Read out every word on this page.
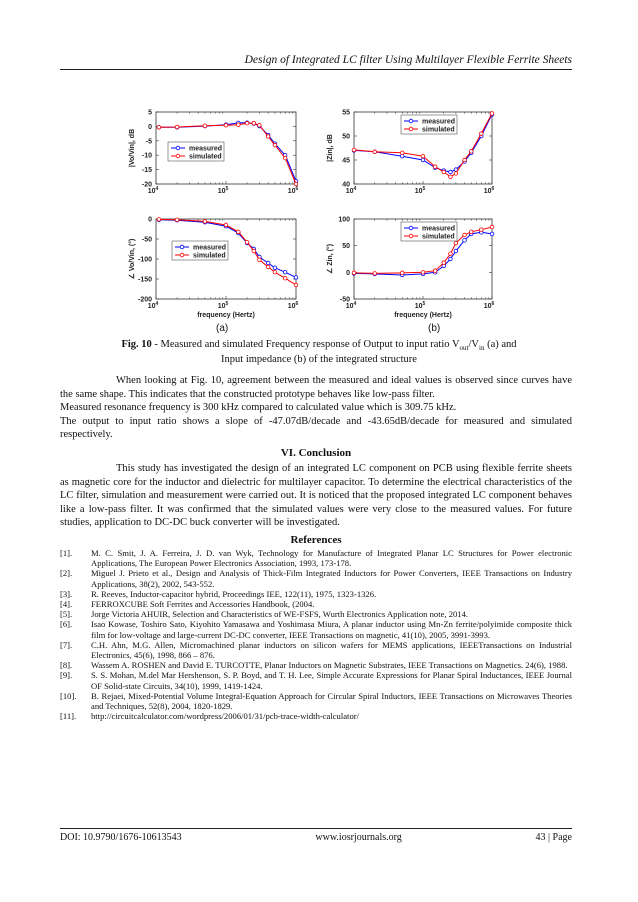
Design of Integrated LC filter Using Multilayer Flexible Ferrite Sheets
5
0
-5
-10
-15
-20
$10^4$	$10^5$	$10^6$
|Vo/Vin|, dB	measured
simulated
55
50
45
40
$10^4$	$10^5$	$10^6$
|Zin|, dB
measured
simulated
0
-50
-100
-150
-200
$10^4$	$10^5$	$10^6$
∠ Vo/Vin, (°)
frequency (Hertz)
measured
simulated
100
50
0
-50
$10^4$	$10^5$	$10^6$
∠ Zin, (°)
frequency (Hertz)
measured
simulated
(a)	(b)
Fig. 10 - Measured and simulated Frequency response of Output to input ratio $V_{out}/V_{in}$ (a) and
Input impedance (b) of the integrated structure

When looking at Fig. 10, agreement between the measured and ideal values is observed since curves have the same shape. This indicates that the constructed prototype behaves like low-pass filter.

Measured resonance frequency is 300 kHz compared to calculated value which is 309.75 kHz.

The output to input ratio shows a slope of -47.07dB/decade and -43.65dB/decade for measured and simulated respectively.

VI. Conclusion

This study has investigated the design of an integrated LC component on PCB using flexible ferrite sheets as magnetic core for the inductor and dielectric for multilayer capacitor. To determine the electrical characteristics of the LC filter, simulation and measurement were carried out. It is noticed that the proposed integrated LC component behaves like a low-pass filter. It was confirmed that the simulated values were very close to the measured values. For future studies, application to DC-DC buck converter will be investigated.

References
[1].	M. C. Smit, J. A. Ferreira, J. D. van Wyk, Technology for Manufacture of Integrated Planar LC Structures for Power electronic Applications, The European Power Electronics Association, 1993, 173-178.
[2].	Miguel J. Prieto et al., Design and Analysis of Thick-Film Integrated Inductors for Power Converters, IEEE Transactions on Industry Applications, 38(2), 2002, 543-552.
[3].	R. Reeves, Inductor-capacitor hybrid, Proceedings IEE, 122(11), 1975, 1323-1326.
[4].	FERROXCUBE Soft Ferrites and Accessories Handbook, (2004.
[5].	Jorge Victoria AHUIR, Selection and Characteristics of WE-FSFS, Wurth Electronics Application note, 2014.
[6].	Isao Kowase, Toshiro Sato, Kiyohito Yamasawa and Yoshimasa Miura, A planar inductor using Mn-Zn ferrite/polyimide composite thick film for low-voltage and large-current DC-DC converter, IEEE Transactions on magnetic, 41(10), 2005, 3991-3993.
[7].	C.H. Ahn, M.G. Allen, Micromachined planar inductors on silicon wafers for MEMS applications, IEEETransactions on Industrial Electronics, 45(6), 1998, 866 – 876.
[8].	Wassem A. ROSHEN and David E. TURCOTTE, Planar Inductors on Magnetic Substrates, IEEE Transactions on Magnetics. 24(6), 1988.
[9].	S. S. Mohan, M.del Mar Hershenson, S. P. Boyd, and T. H. Lee, Simple Accurate Expressions for Planar Spiral Inductances, IEEE Journal OF Solid-state Circuits, 34(10), 1999, 1419-1424.
[10].	B. Rejaei, Mixed-Potential Volume Integral-Equation Approach for Circular Spiral Inductors, IEEE Transactions on Microwaves Theories and Techniques, 52(8), 2004, 1820-1829.
[11].	http://circuitcalculator.com/wordpress/2006/01/31/pcb-trace-width-calculator/
DOI: 10.9790/1676-10613543	www.iosrjournals.org	43 | Page
